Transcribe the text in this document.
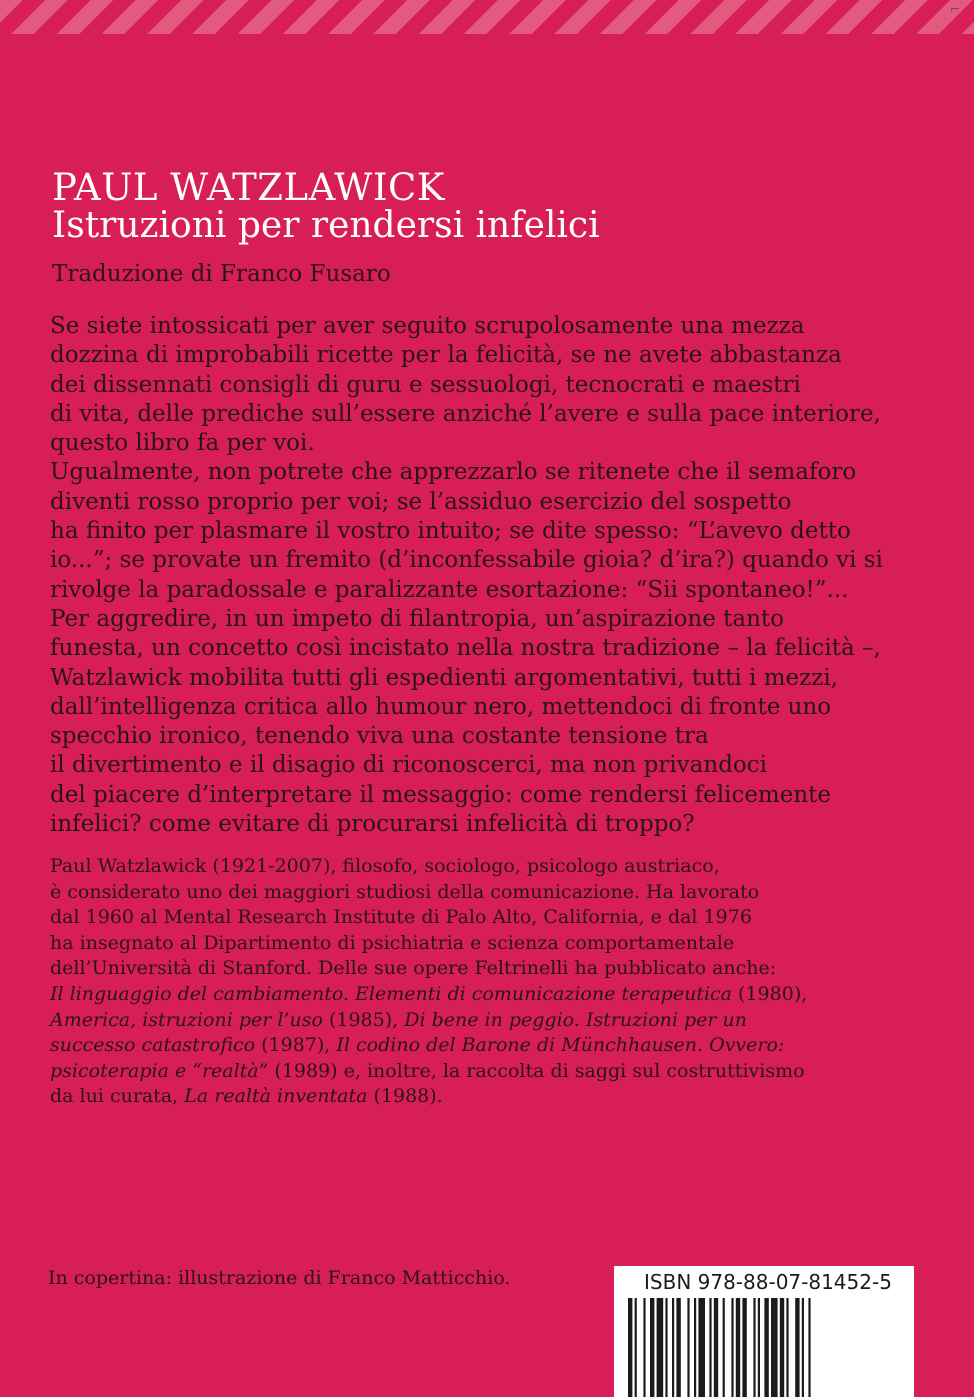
⌐
PAUL WATZLAWICK
Istruzioni per rendersi infelici
Traduzione di Franco Fusaro
Se siete intossicati per aver seguito scrupolosamente una mezza
dozzina di improbabili ricette per la felicità, se ne avete abbastanza
dei dissennati consigli di guru e sessuologi, tecnocrati e maestri
di vita, delle prediche sull’essere anziché l’avere e sulla pace interiore,
questo libro fa per voi.
Ugualmente, non potrete che apprezzarlo se ritenete che il semaforo
diventi rosso proprio per voi; se l’assiduo esercizio del sospetto
ha finito per plasmare il vostro intuito; se dite spesso: “L’avevo detto
io...”; se provate un fremito (d’inconfessabile gioia? d’ira?) quando vi si
rivolge la paradossale e paralizzante esortazione: “Sii spontaneo!”...
Per aggredire, in un impeto di filantropia, un’aspirazione tanto
funesta, un concetto così incistato nella nostra tradizione – la felicità –,
Watzlawick mobilita tutti gli espedienti argomentativi, tutti i mezzi,
dall’intelligenza critica allo humour nero, mettendoci di fronte uno
specchio ironico, tenendo viva una costante tensione tra
il divertimento e il disagio di riconoscerci, ma non privandoci
del piacere d’interpretare il messaggio: come rendersi felicemente
infelici? come evitare di procurarsi infelicità di troppo?
Paul Watzlawick (1921-2007), filosofo, sociologo, psicologo austriaco,
è considerato uno dei maggiori studiosi della comunicazione. Ha lavorato
dal 1960 al Mental Research Institute di Palo Alto, California, e dal 1976
ha insegnato al Dipartimento di psichiatria e scienza comportamentale
dell’Università di Stanford. Delle sue opere Feltrinelli ha pubblicato anche:
Il linguaggio del cambiamento. Elementi di comunicazione terapeutica (1980),
America, istruzioni per l’uso (1985), Di bene in peggio. Istruzioni per un
successo catastrofico (1987), Il codino del Barone di Münchhausen. Ovvero:
psicoterapia e “realtà” (1989) e, inoltre, la raccolta di saggi sul costruttivismo
da lui curata, La realtà inventata (1988).
In copertina: illustrazione di Franco Matticchio.	ISBN 978-88-07-81452-5
